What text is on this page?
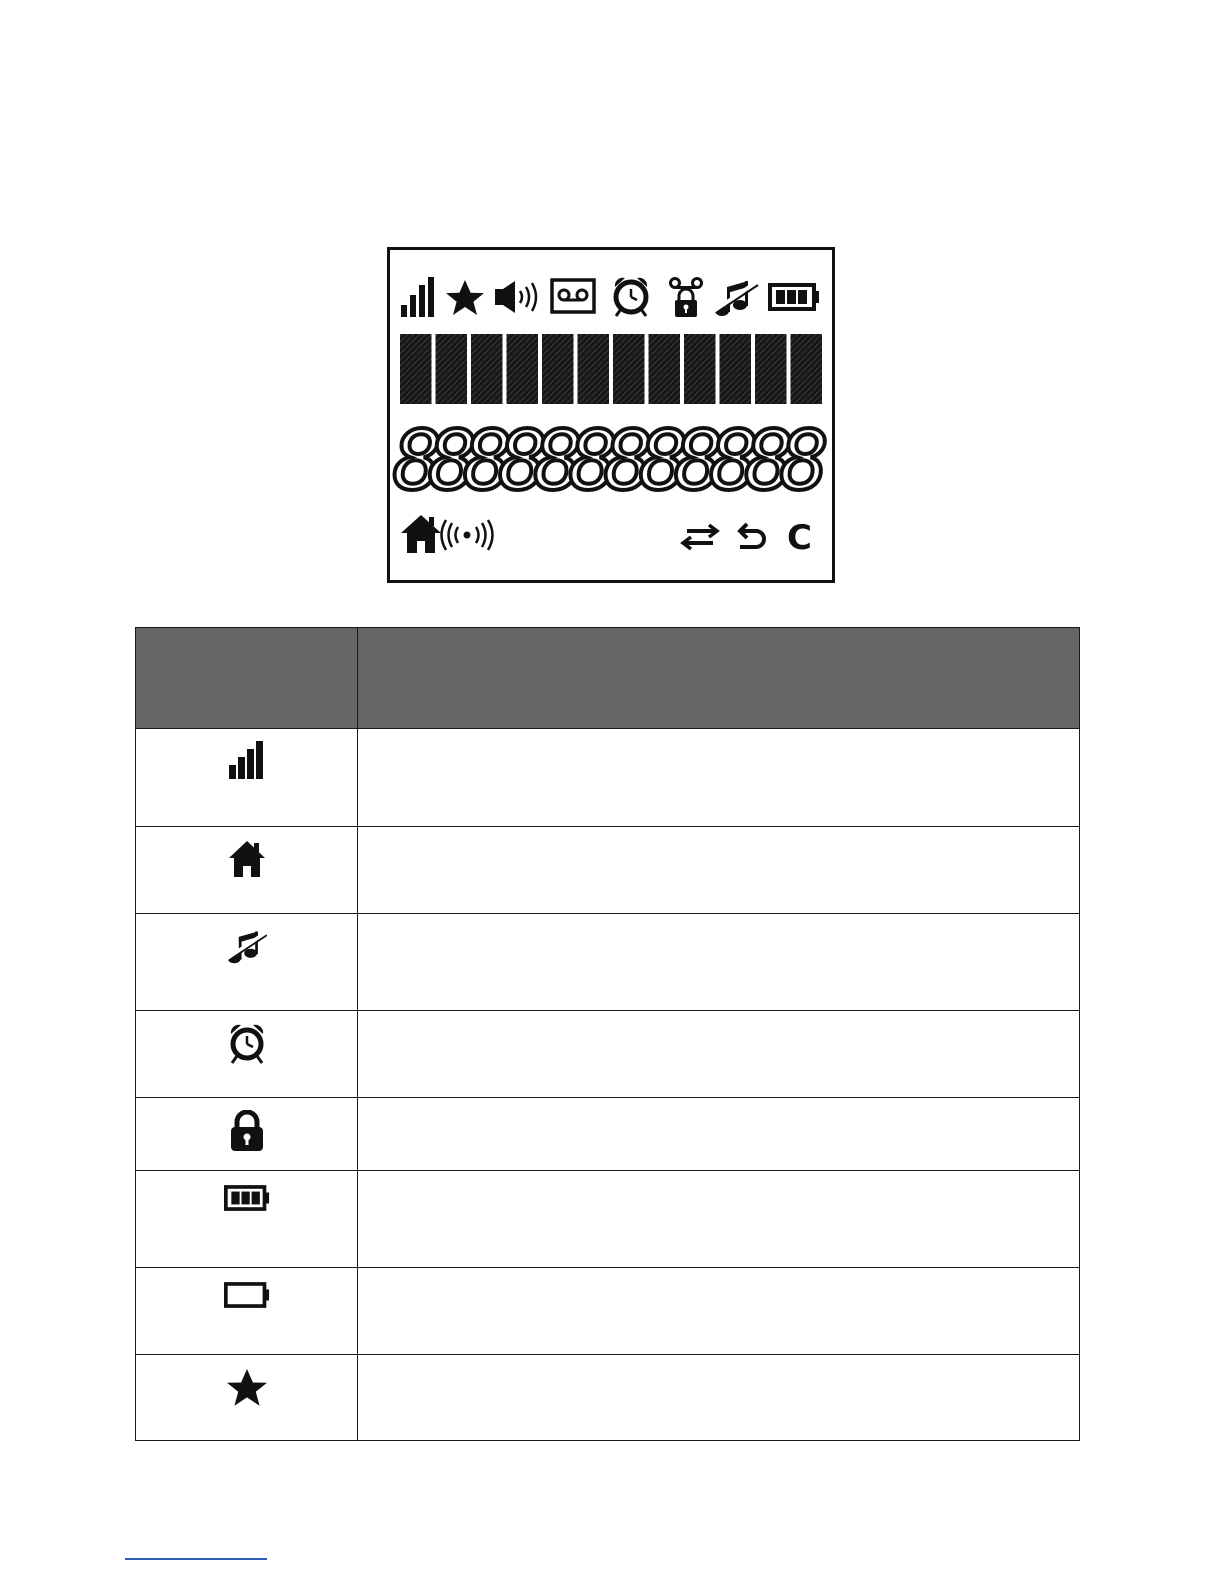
8
8
8
8
8
8
8
8
8
8
8
8
C
